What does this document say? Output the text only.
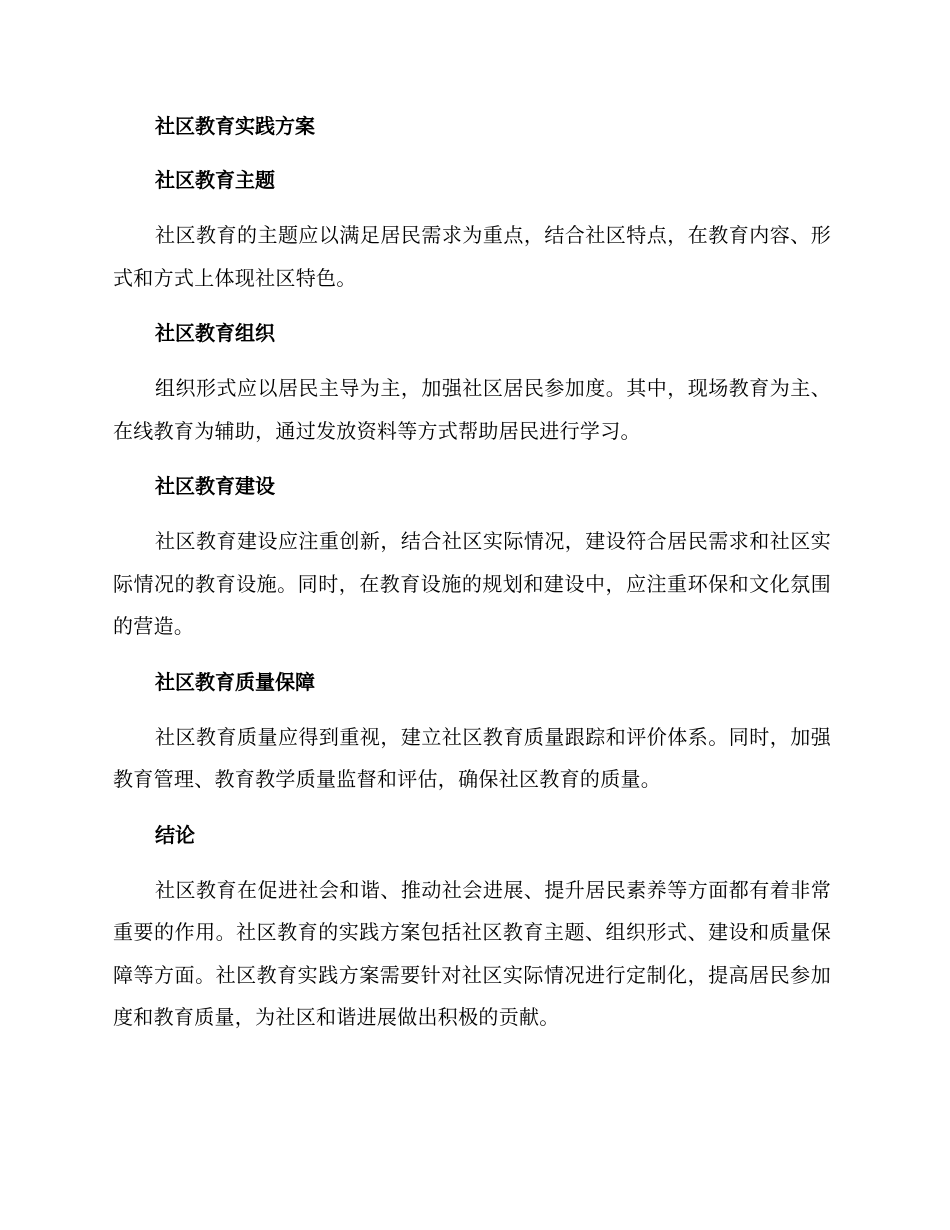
社区教育实践方案

社区教育主题

社区教育的主题应以满足居民需求为重点，结合社区特点，在教育内容、形式和方式上体现社区特色。

社区教育组织

组织形式应以居民主导为主，加强社区居民参加度。其中，现场教育为主、在线教育为辅助，通过发放资料等方式帮助居民进行学习。

社区教育建设

社区教育建设应注重创新，结合社区实际情况，建设符合居民需求和社区实际情况的教育设施。同时，在教育设施的规划和建设中，应注重环保和文化氛围的营造。

社区教育质量保障

社区教育质量应得到重视，建立社区教育质量跟踪和评价体系。同时，加强教育管理、教育教学质量监督和评估，确保社区教育的质量。

结论

社区教育在促进社会和谐、推动社会进展、提升居民素养等方面都有着非常重要的作用。社区教育的实践方案包括社区教育主题、组织形式、建设和质量保障等方面。社区教育实践方案需要针对社区实际情况进行定制化，提高居民参加度和教育质量，为社区和谐进展做出积极的贡献。
